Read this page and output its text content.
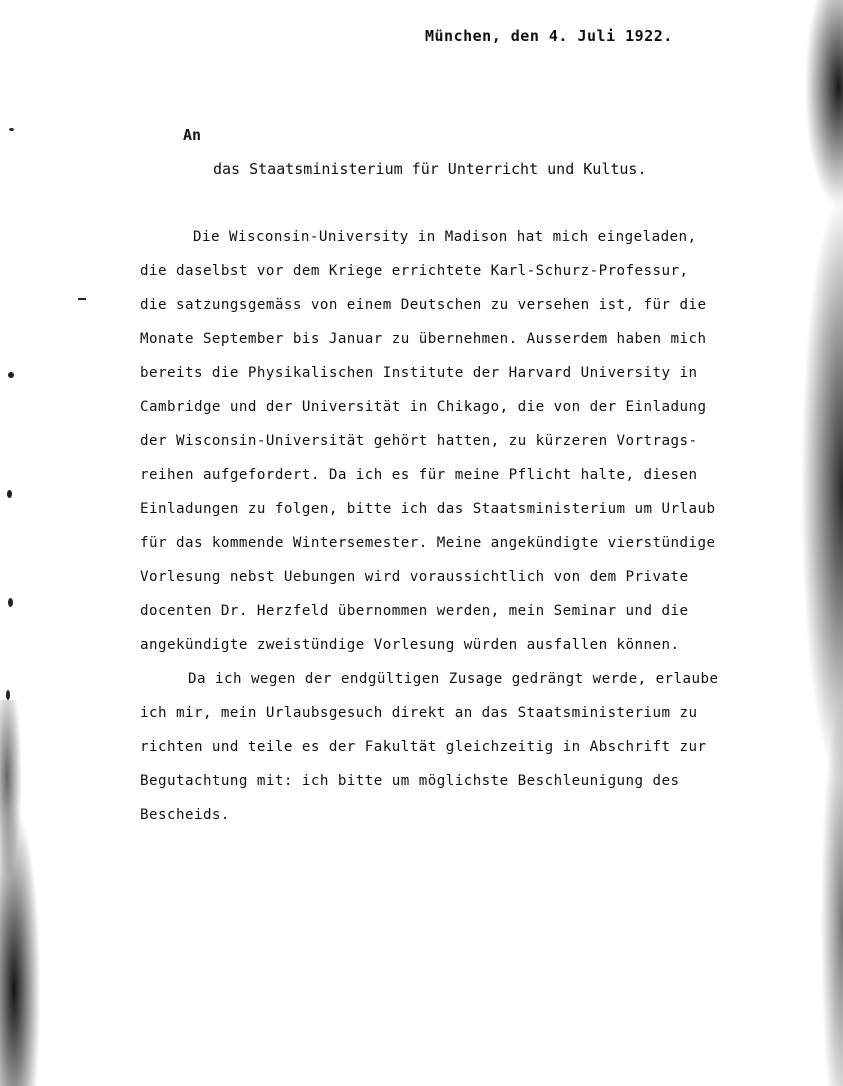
München, den 4. Juli 1922.
An
das Staatsministerium für Unterricht und Kultus.
Die Wisconsin-University in Madison hat mich eingeladen,
die daselbst vor dem Kriege errichtete Karl-Schurz-Professur,
die satzungsgemäss von einem Deutschen zu versehen ist, für die
Monate September bis Januar zu übernehmen. Ausserdem haben mich
bereits die Physikalischen Institute der Harvard University in
Cambridge und der Universität in Chikago, die von der Einladung
der Wisconsin-Universität gehört hatten, zu kürzeren Vortrags-
reihen aufgefordert. Da ich es für meine Pflicht halte, diesen
Einladungen zu folgen, bitte ich das Staatsministerium um Urlaub
für das kommende Wintersemester. Meine angekündigte vierstündige
Vorlesung nebst Uebungen wird voraussichtlich von dem Private
docenten Dr. Herzfeld übernommen werden, mein Seminar und die
angekündigte zweistündige Vorlesung würden ausfallen können.
Da ich wegen der endgültigen Zusage gedrängt werde, erlaube
ich mir, mein Urlaubsgesuch direkt an das Staatsministerium zu
richten und teile es der Fakultät gleichzeitig in Abschrift zur
Begutachtung mit: ich bitte um möglichste Beschleunigung des
Bescheids.
